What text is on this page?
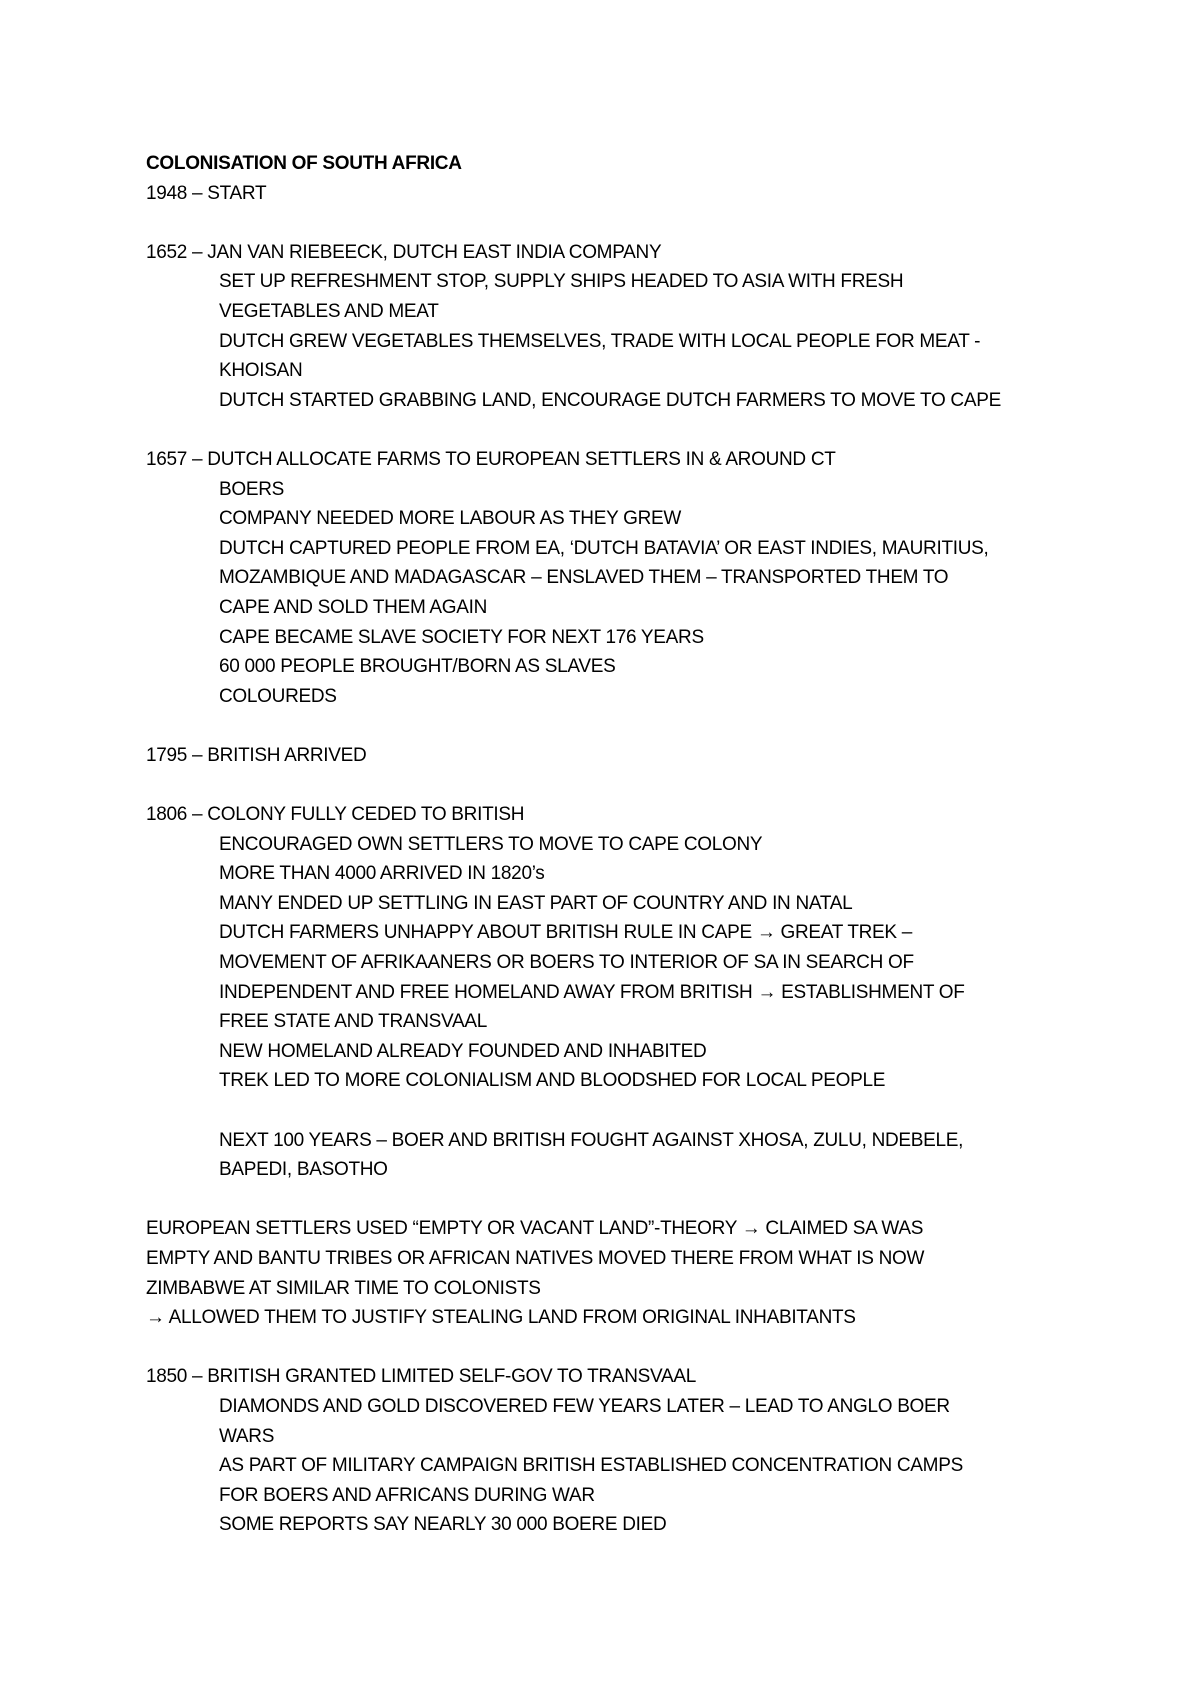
COLONISATION OF SOUTH AFRICA
1948 – START
1652 – JAN VAN RIEBEECK, DUTCH EAST INDIA COMPANY
SET UP REFRESHMENT STOP, SUPPLY SHIPS HEADED TO ASIA WITH FRESH
VEGETABLES AND MEAT
DUTCH GREW VEGETABLES THEMSELVES, TRADE WITH LOCAL PEOPLE FOR MEAT -
KHOISAN
DUTCH STARTED GRABBING LAND, ENCOURAGE DUTCH FARMERS TO MOVE TO CAPE
1657 – DUTCH ALLOCATE FARMS TO EUROPEAN SETTLERS IN & AROUND CT
BOERS
COMPANY NEEDED MORE LABOUR AS THEY GREW
DUTCH CAPTURED PEOPLE FROM EA, ‘DUTCH BATAVIA’ OR EAST INDIES, MAURITIUS,
MOZAMBIQUE AND MADAGASCAR – ENSLAVED THEM – TRANSPORTED THEM TO
CAPE AND SOLD THEM AGAIN
CAPE BECAME SLAVE SOCIETY FOR NEXT 176 YEARS
60 000 PEOPLE BROUGHT/BORN AS SLAVES
COLOUREDS
1795 – BRITISH ARRIVED
1806 – COLONY FULLY CEDED TO BRITISH
ENCOURAGED OWN SETTLERS TO MOVE TO CAPE COLONY
MORE THAN 4000 ARRIVED IN 1820’s
MANY ENDED UP SETTLING IN EAST PART OF COUNTRY AND IN NATAL
DUTCH FARMERS UNHAPPY ABOUT BRITISH RULE IN CAPE → GREAT TREK –
MOVEMENT OF AFRIKAANERS OR BOERS TO INTERIOR OF SA IN SEARCH OF
INDEPENDENT AND FREE HOMELAND AWAY FROM BRITISH → ESTABLISHMENT OF
FREE STATE AND TRANSVAAL
NEW HOMELAND ALREADY FOUNDED AND INHABITED
TREK LED TO MORE COLONIALISM AND BLOODSHED FOR LOCAL PEOPLE
NEXT 100 YEARS – BOER AND BRITISH FOUGHT AGAINST XHOSA, ZULU, NDEBELE,
BAPEDI, BASOTHO
EUROPEAN SETTLERS USED “EMPTY OR VACANT LAND”-THEORY → CLAIMED SA WAS
EMPTY AND BANTU TRIBES OR AFRICAN NATIVES MOVED THERE FROM WHAT IS NOW
ZIMBABWE AT SIMILAR TIME TO COLONISTS
→ ALLOWED THEM TO JUSTIFY STEALING LAND FROM ORIGINAL INHABITANTS
1850 – BRITISH GRANTED LIMITED SELF-GOV TO TRANSVAAL
DIAMONDS AND GOLD DISCOVERED FEW YEARS LATER – LEAD TO ANGLO BOER
WARS
AS PART OF MILITARY CAMPAIGN BRITISH ESTABLISHED CONCENTRATION CAMPS
FOR BOERS AND AFRICANS DURING WAR
SOME REPORTS SAY NEARLY 30 000 BOERE DIED
